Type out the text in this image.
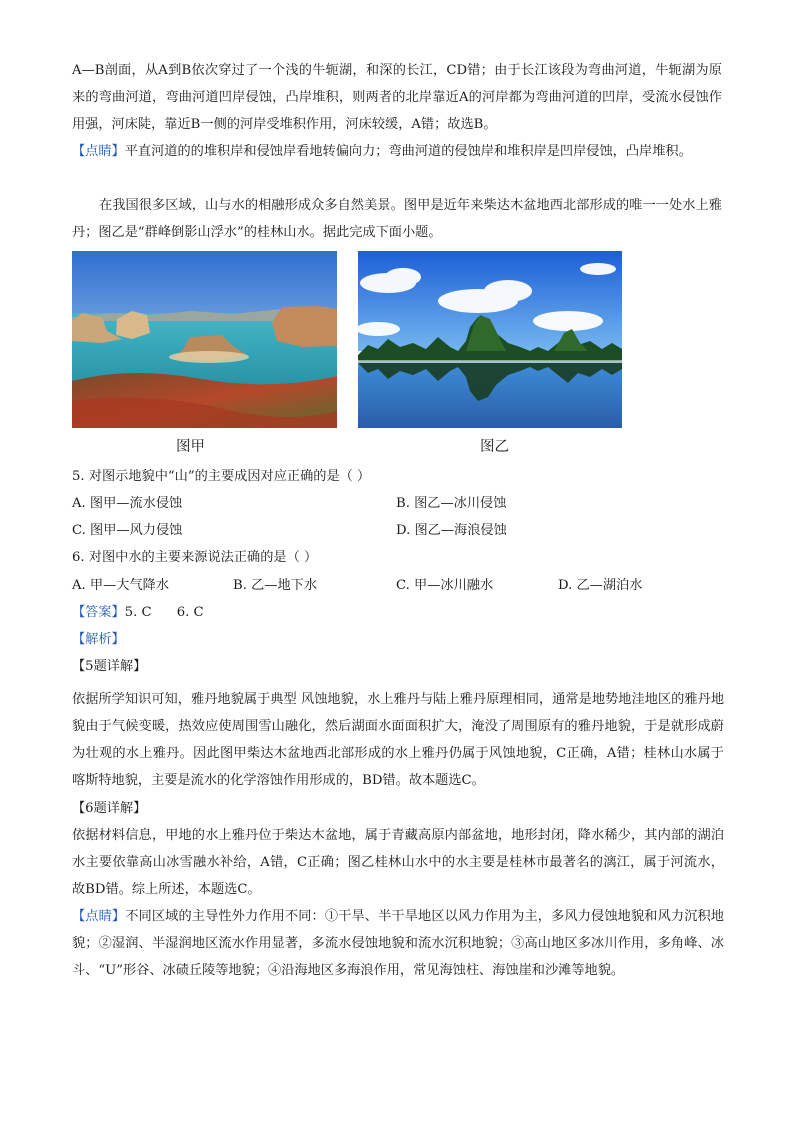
A—B剖面，从A到B依次穿过了一个浅的牛轭湖，和深的长江，CD错；由于长江该段为弯曲河道，牛轭湖为原来的弯曲河道，弯曲河道凹岸侵蚀，凸岸堆积，则两者的北岸靠近A的河岸都为弯曲河道的凹岸，受流水侵蚀作用强，河床陡，靠近B一侧的河岸受堆积作用，河床较缓，A错；故选B。

【点睛】平直河道的的堆积岸和侵蚀岸看地转偏向力；弯曲河道的侵蚀岸和堆积岸是凹岸侵蚀，凸岸堆积。

在我国很多区域，山与水的相融形成众多自然美景。图甲是近年来柴达木盆地西北部形成的唯一一处水上雅丹；图乙是“群峰倒影山浮水”的桂林山水。据此完成下面小题。

图甲	图乙

5. 对图示地貌中“山”的主要成因对应正确的是（ ）

A. 图甲—流水侵蚀	B. 图乙—冰川侵蚀
C. 图甲—风力侵蚀	D. 图乙—海浪侵蚀

6. 对图中水的主要来源说法正确的是（ ）

A. 甲—大气降水	B. 乙—地下水	C. 甲—冰川融水	D. 乙—湖泊水

【答案】5. C      6. C

【解析】

【5题详解】

依据所学知识可知，雅丹地貌属于典型 风蚀地貌，水上雅丹与陆上雅丹原理相同，通常是地势地洼地区的雅丹地貌由于气候变暖，热效应使周围雪山融化，然后湖面水面面积扩大，淹没了周围原有的雅丹地貌，于是就形成蔚为壮观的水上雅丹。因此图甲柴达木盆地西北部形成的水上雅丹仍属于风蚀地貌，C正确，A错；桂林山水属于喀斯特地貌，主要是流水的化学溶蚀作用形成的，BD错。故本题选C。

【6题详解】

依据材料信息，甲地的水上雅丹位于柴达木盆地，属于青藏高原内部盆地，地形封闭，降水稀少，其内部的湖泊水主要依靠高山冰雪融水补给，A错，C正确；图乙桂林山水中的水主要是桂林市最著名的漓江，属于河流水，故BD错。综上所述，本题选C。

【点睛】不同区域的主导性外力作用不同：①干旱、半干旱地区以风力作用为主，多风力侵蚀地貌和风力沉积地貌；②湿润、半湿润地区流水作用显著，多流水侵蚀地貌和流水沉积地貌；③高山地区多冰川作用，多角峰、冰斗、“U”形谷、冰碛丘陵等地貌；④沿海地区多海浪作用，常见海蚀柱、海蚀崖和沙滩等地貌。
